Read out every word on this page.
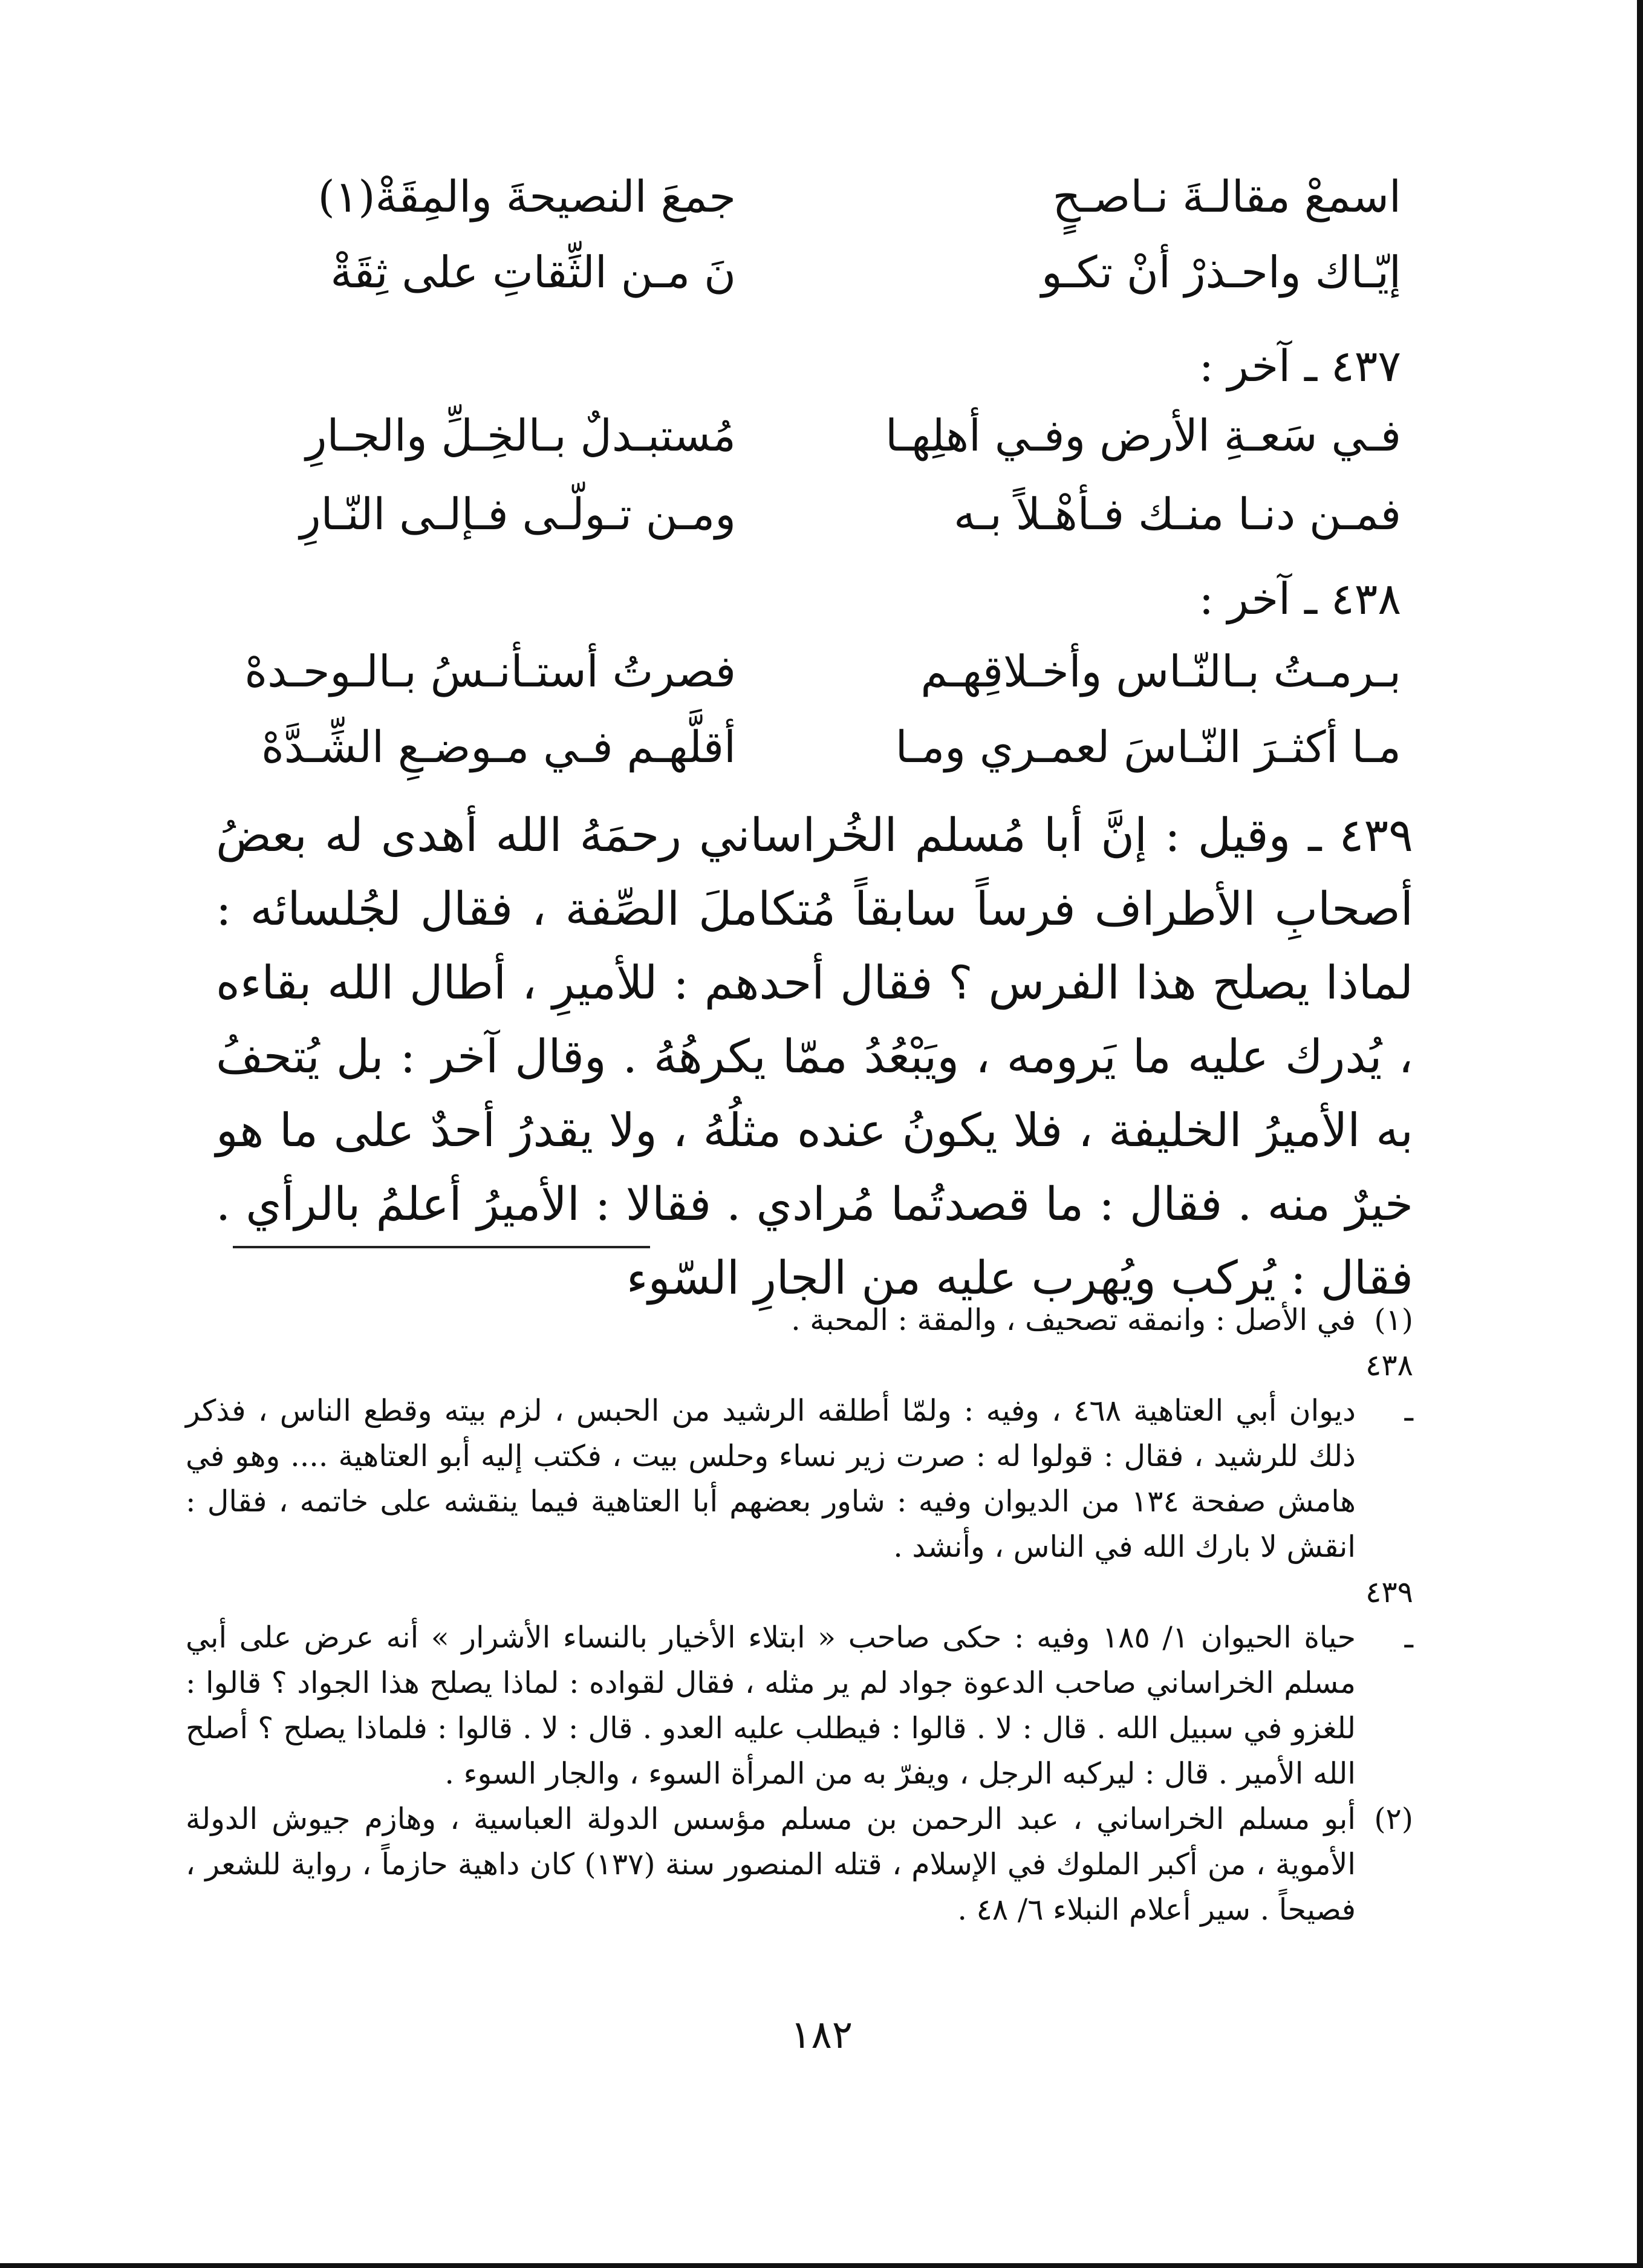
اسمعْ مقالـةَ نـاصـحٍ
جمعَ النصيحةَ والمِقَةْ(١)
إيّـاك واحـذرْ أنْ تكـو
نَ مـن الثِّقاتِ على ثِقَةْ
٤٣٧ ـ آخر :
فـي سَعـةِ الأرض وفـي أهلِهـا
مُستبـدلٌ بـالخِـلِّ والجـارِ
فمـن دنـا منـك فـأهْـلاً بـه
ومـن تـولّـى فـإلـى النّـارِ
٤٣٨ ـ آخر :
بـرمـتُ بـالنّـاس وأخـلاقِهـم
فصرتُ أستـأنـسُ بـالـوحـدهْ
مـا أكثـرَ النّـاسَ لعمـري ومـا
أقلَّهـم فـي مـوضـعِ الشِّـدَّهْ
٤٣٩ ـ وقيل : إنَّ أبا مُسلم الخُراساني رحمَهُ الله أهدى له بعضُ أصحابِ الأطراف فرساً سابقاً مُتكاملَ الصِّفة ، فقال لجُلسائه : لماذا يصلح هذا الفرس ؟ فقال أحدهم : للأميرِ ، أطال الله بقاءه ، يُدرك عليه ما يَرومه ، ويَبْعُدُ ممّا يكرهُهُ . وقال آخر : بل يُتحفُ به الأميرُ الخليفة ، فلا يكونُ عنده مثلُهُ ، ولا يقدرُ أحدٌ على ما هو خيرٌ منه . فقال : ما قصدتُما مُرادي . فقالا : الأميرُ أعلمُ بالرأي . فقال : يُركب ويُهرب عليه من الجارِ السّوء
(١)في الأصل : وانمقه تصحيف ، والمقة : المحبة .
٤٣٨ ـديوان أبي العتاهية ٤٦٨ ، وفيه : ولمّا أطلقه الرشيد من الحبس ، لزم بيته وقطع الناس ، فذكر ذلك للرشيد ، فقال : قولوا له : صرت زير نساء وحلس بيت ، فكتب إليه أبو العتاهية .... وهو في هامش صفحة ١٣٤ من الديوان وفيه : شاور بعضهم أبا العتاهية فيما ينقشه على خاتمه ، فقال : انقش لا بارك الله في الناس ، وأنشد .
٤٣٩ ـحياة الحيوان ١/ ١٨٥ وفيه : حكى صاحب « ابتلاء الأخيار بالنساء الأشرار » أنه عرض على أبي مسلم الخراساني صاحب الدعوة جواد لم ير مثله ، فقال لقواده : لماذا يصلح هذا الجواد ؟ قالوا : للغزو في سبيل الله . قال : لا . قالوا : فيطلب عليه العدو . قال : لا . قالوا : فلماذا يصلح ؟ أصلح الله الأمير . قال : ليركبه الرجل ، ويفرّ به من المرأة السوء ، والجار السوء .
(٢)أبو مسلم الخراساني ، عبد الرحمن بن مسلم مؤسس الدولة العباسية ، وهازم جيوش الدولة الأموية ، من أكبر الملوك في الإسلام ، قتله المنصور سنة (١٣٧) كان داهية حازماً ، رواية للشعر ، فصيحاً . سير أعلام النبلاء ٦/ ٤٨ .
١٨٢
